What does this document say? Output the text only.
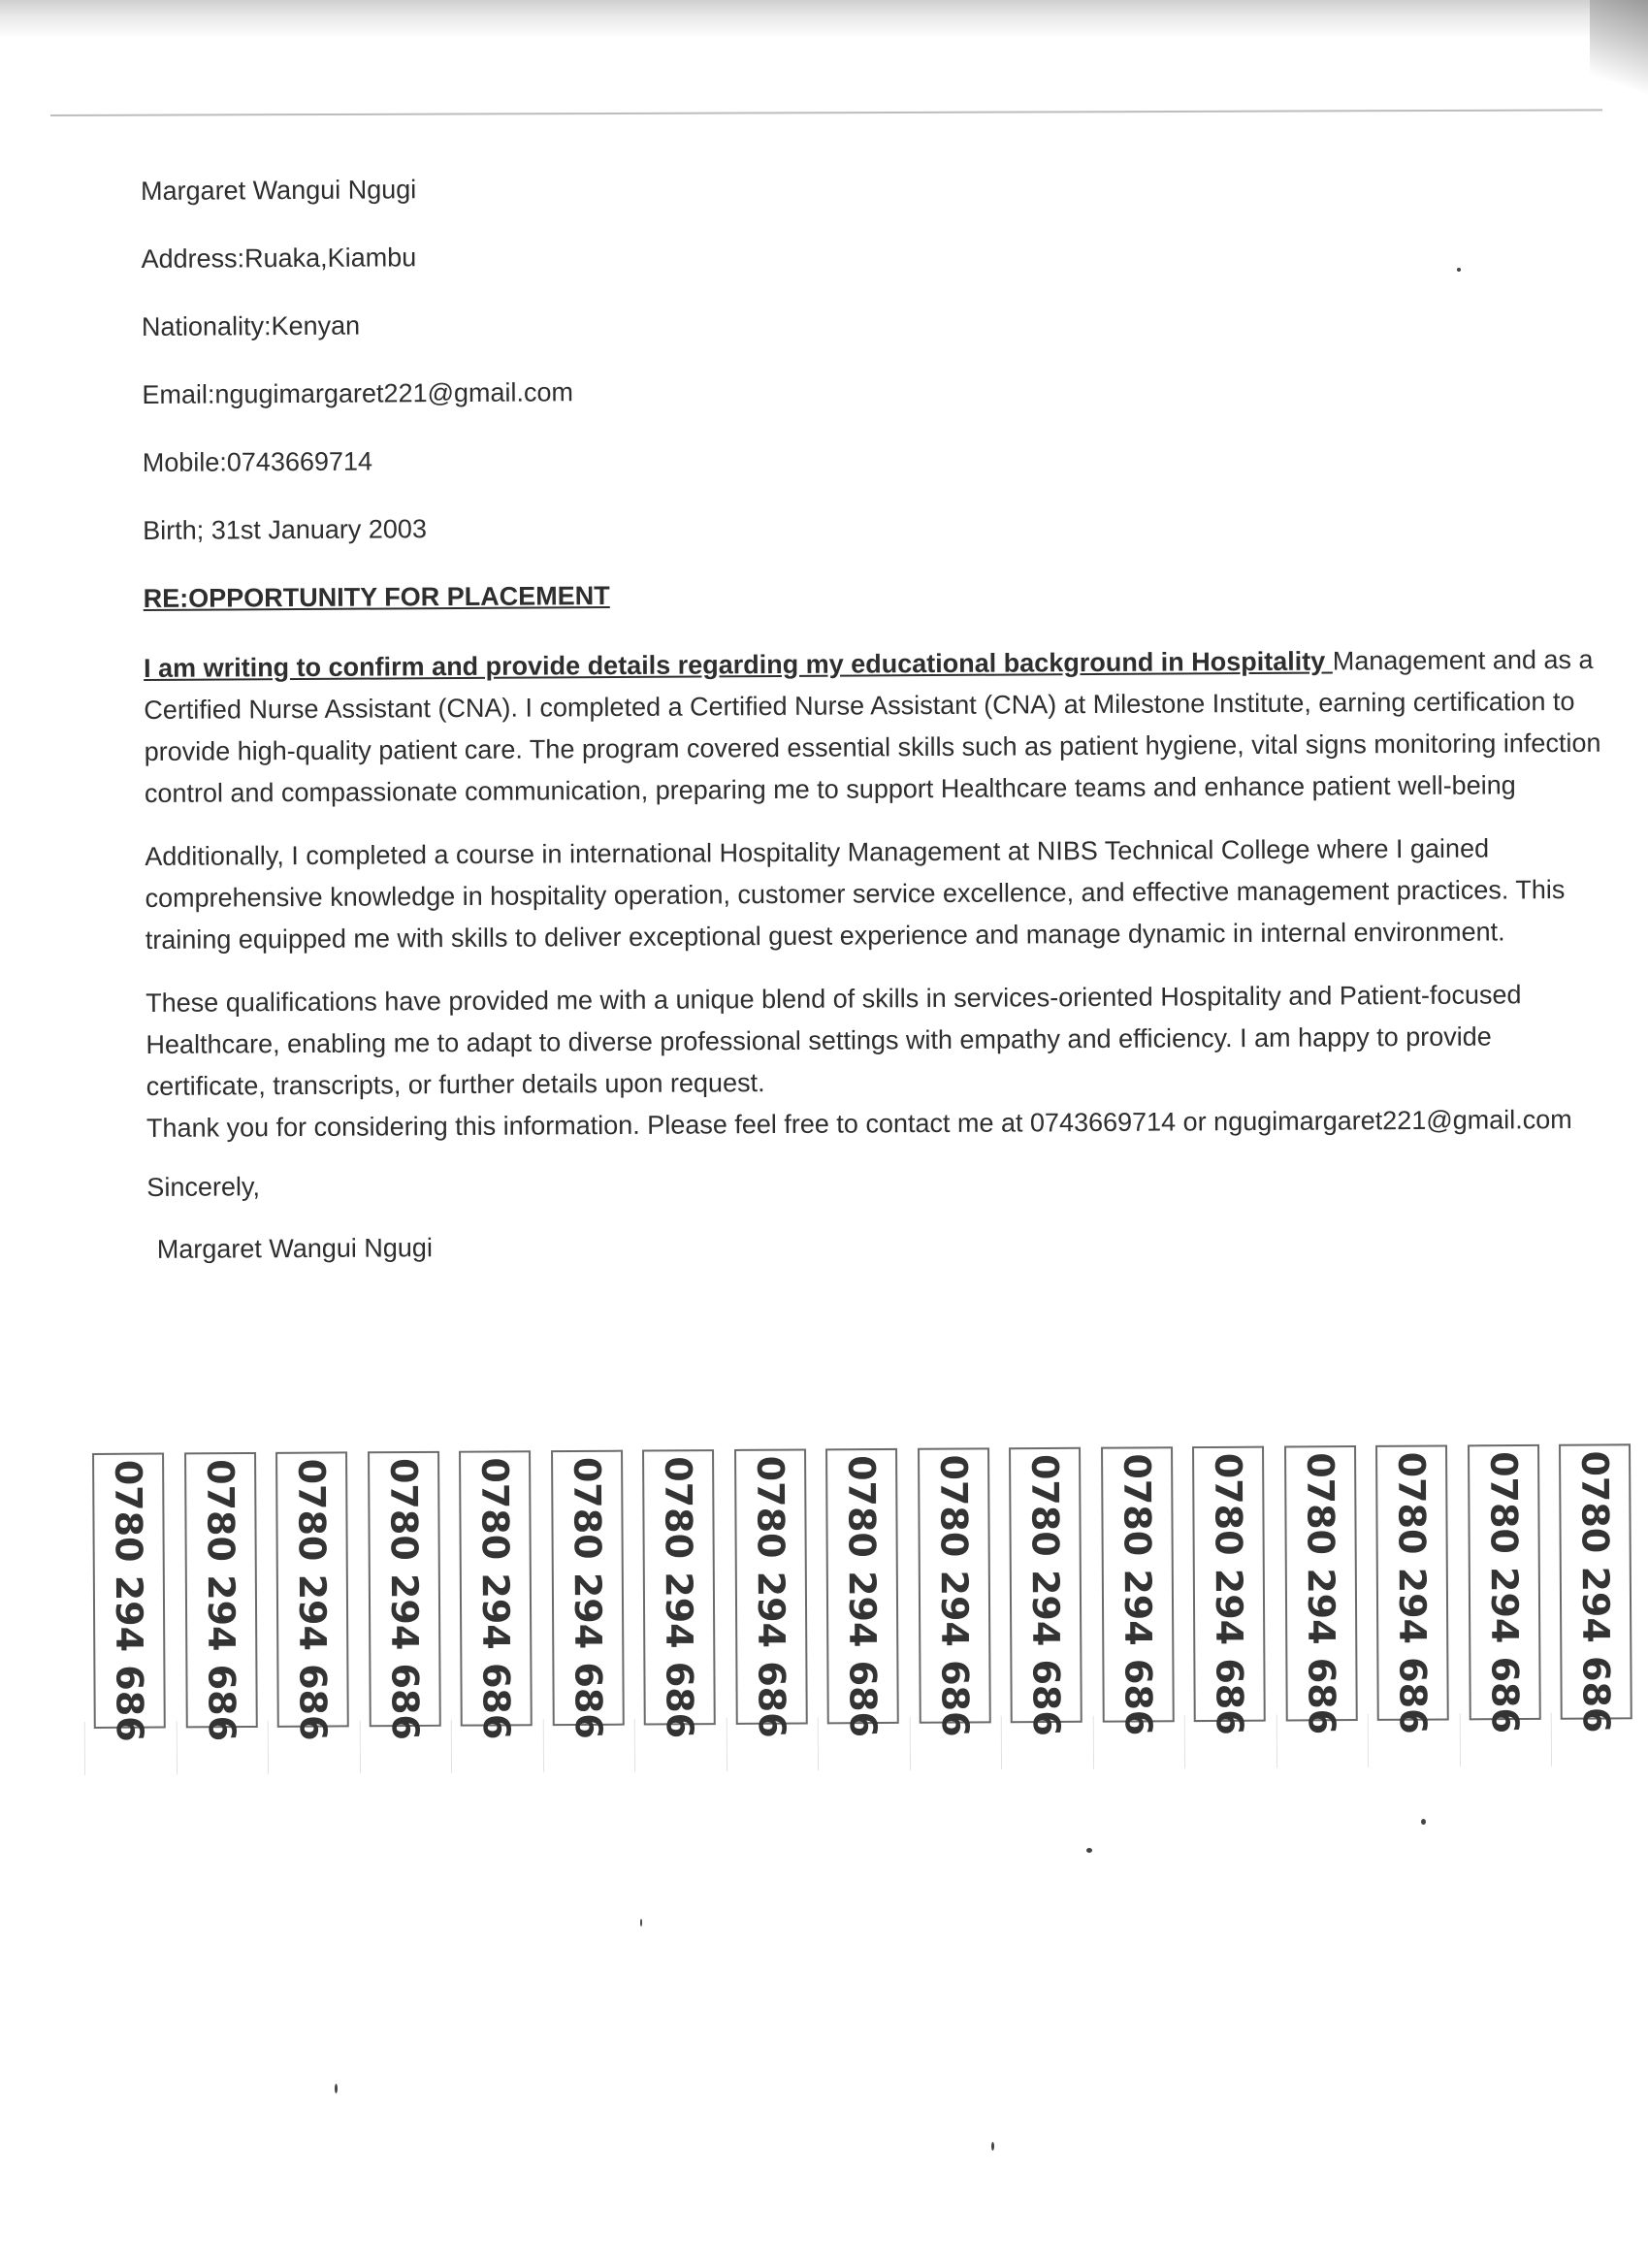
Margaret Wangui Ngugi

Address:Ruaka,Kiambu

Nationality:Kenyan

Email:ngugimargaret221@gmail.com

Mobile:0743669714

Birth; 31st January 2003

RE:OPPORTUNITY FOR PLACEMENT

I am writing to confirm and provide details regarding my educational background in Hospitality Management and as a Certified Nurse Assistant (CNA). I completed a Certified Nurse Assistant (CNA) at Milestone Institute, earning certification to provide high-quality patient care. The program covered essential skills such as patient hygiene, vital signs monitoring infection control and compassionate communication, preparing me to support Healthcare teams and enhance patient well-being

Additionally, I completed a course in international Hospitality Management at NIBS Technical College where I gained comprehensive knowledge in hospitality operation, customer service excellence, and effective management practices. This training equipped me with skills to deliver exceptional guest experience and manage dynamic in internal environment.

These qualifications have provided me with a unique blend of skills in services-oriented Hospitality and Patient-focused Healthcare, enabling me to adapt to diverse professional settings with empathy and efficiency. I am happy to provide certificate, transcripts, or further details upon request.

Thank you for considering this information. Please feel free to contact me at 0743669714 or ngugimargaret221@gmail.com

Sincerely,

Margaret Wangui Ngugi

0780 294 686 0780 294 686 0780 294 686 0780 294 686 0780 294 686 0780 294 686 0780 294 686 0780 294 686 0780 294 686 0780 294 686 0780 294 686 0780 294 686 0780 294 686 0780 294 686 0780 294 686 0780 294 686 0780 294 686
